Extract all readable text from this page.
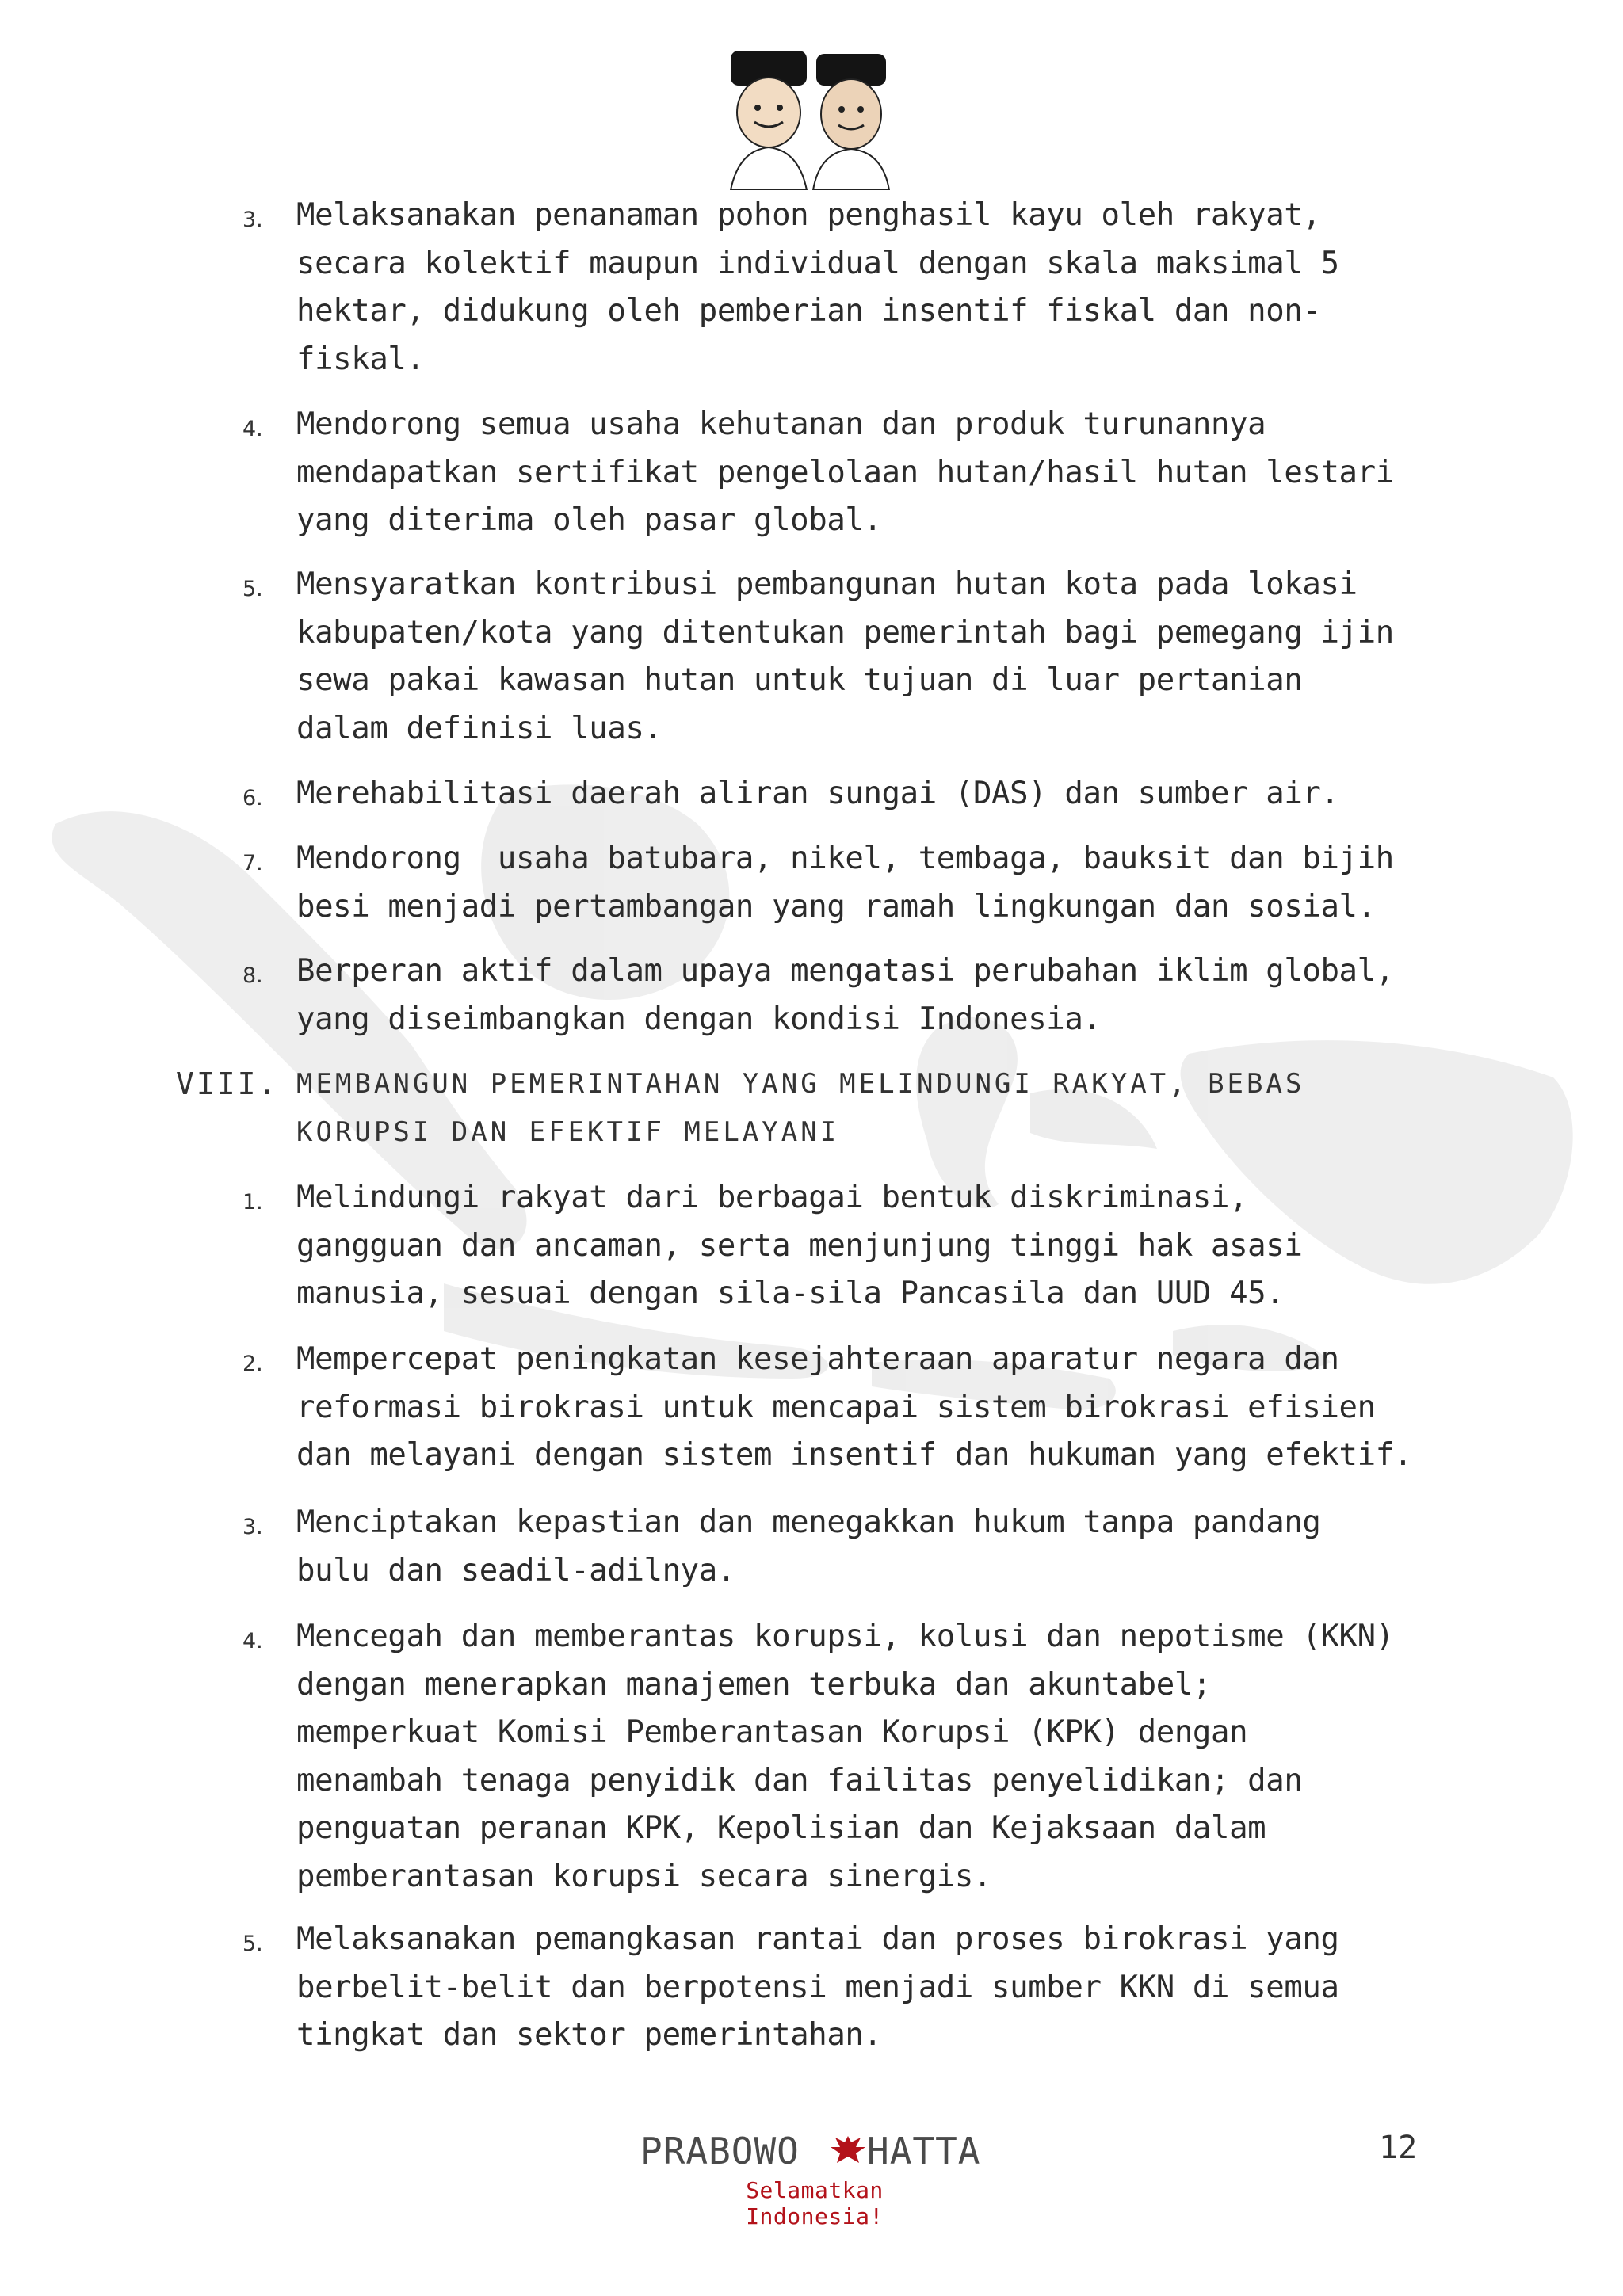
3.	Melaksanakan penanaman pohon penghasil kayu oleh rakyat,
secara kolektif maupun individual dengan skala maksimal 5
hektar, didukung oleh pemberian insentif fiskal dan non-
fiskal.
4.	Mendorong semua usaha kehutanan dan produk turunannya
mendapatkan sertifikat pengelolaan hutan/hasil hutan lestari
yang diterima oleh pasar global.
5.	Mensyaratkan kontribusi pembangunan hutan kota pada lokasi
kabupaten/kota yang ditentukan pemerintah bagi pemegang ijin
sewa pakai kawasan hutan untuk tujuan di luar pertanian
dalam definisi luas.
6.	Merehabilitasi daerah aliran sungai (DAS) dan sumber air.
7.	Mendorong  usaha batubara, nikel, tembaga, bauksit dan bijih
besi menjadi pertambangan yang ramah lingkungan dan sosial.
8.	Berperan aktif dalam upaya mengatasi perubahan iklim global,
yang diseimbangkan dengan kondisi Indonesia.
VIII. MEMBANGUN PEMERINTAHAN YANG MELINDUNGI RAKYAT, BEBAS
KORUPSI DAN EFEKTIF MELAYANI
1.	Melindungi rakyat dari berbagai bentuk diskriminasi,
gangguan dan ancaman, serta menjunjung tinggi hak asasi
manusia, sesuai dengan sila-sila Pancasila dan UUD 45.
2.	Mempercepat peningkatan kesejahteraan aparatur negara dan
reformasi birokrasi untuk mencapai sistem birokrasi efisien
dan melayani dengan sistem insentif dan hukuman yang efektif.
3.	Menciptakan kepastian dan menegakkan hukum tanpa pandang
bulu dan seadil-adilnya.
4.	Mencegah dan memberantas korupsi, kolusi dan nepotisme (KKN)
dengan menerapkan manajemen terbuka dan akuntabel;
memperkuat Komisi Pemberantasan Korupsi (KPK) dengan
menambah tenaga penyidik dan failitas penyelidikan; dan
penguatan peranan KPK, Kepolisian dan Kejaksaan dalam
pemberantasan korupsi secara sinergis.
5.	Melaksanakan pemangkasan rantai dan proses birokrasi yang
berbelit-belit dan berpotensi menjadi sumber KKN di semua
tingkat dan sektor pemerintahan.
PRABOWO HATTA
Selamatkan Indonesia!
12
